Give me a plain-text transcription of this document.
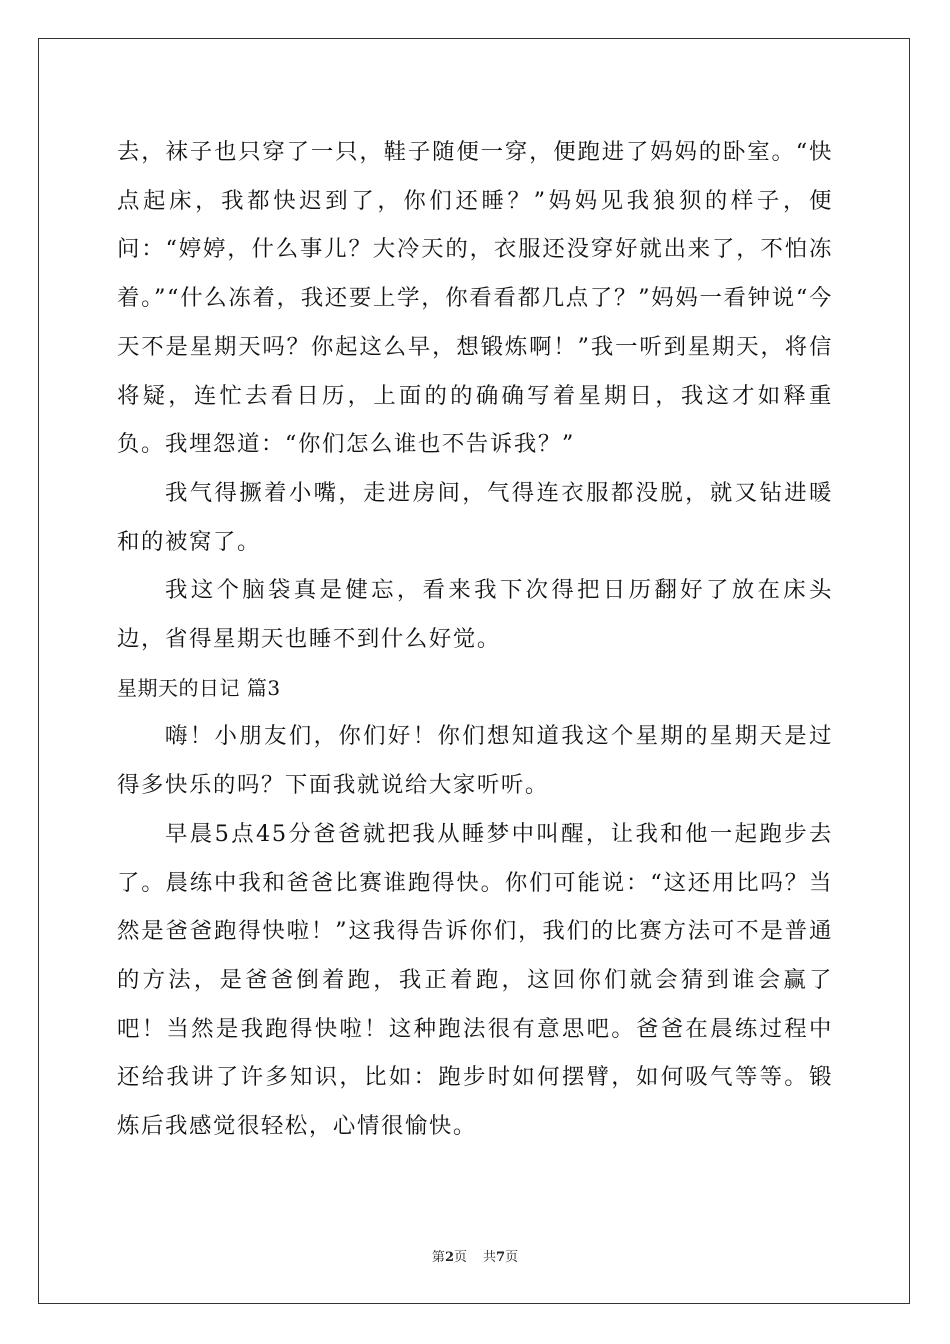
去，袜子也只穿了一只，鞋子随便一穿，便跑进了妈妈的卧室。“快点起床，我都快迟到了，你们还睡？”妈妈见我狼狈的样子，便问：“婷婷，什么事儿？大冷天的，衣服还没穿好就出来了，不怕冻着。”“什么冻着，我还要上学，你看看都几点了？”妈妈一看钟说“今天不是星期天吗？你起这么早，想锻炼啊！”我一听到星期天，将信将疑，连忙去看日历，上面的的确确写着星期日，我这才如释重负。我埋怨道：“你们怎么谁也不告诉我？”

我气得撅着小嘴，走进房间，气得连衣服都没脱，就又钻进暖和的被窝了。

我这个脑袋真是健忘，看来我下次得把日历翻好了放在床头边，省得星期天也睡不到什么好觉。

星期天的日记 篇3

嗨！小朋友们，你们好！你们想知道我这个星期的星期天是过得多快乐的吗？下面我就说给大家听听。

早晨5点45分爸爸就把我从睡梦中叫醒，让我和他一起跑步去了。晨练中我和爸爸比赛谁跑得快。你们可能说：“这还用比吗？当然是爸爸跑得快啦！”这我得告诉你们，我们的比赛方法可不是普通的方法，是爸爸倒着跑，我正着跑，这回你们就会猜到谁会赢了吧！当然是我跑得快啦！这种跑法很有意思吧。爸爸在晨练过程中还给我讲了许多知识，比如：跑步时如何摆臂，如何吸气等等。锻炼后我感觉很轻松，心情很愉快。

第2页 共7页
